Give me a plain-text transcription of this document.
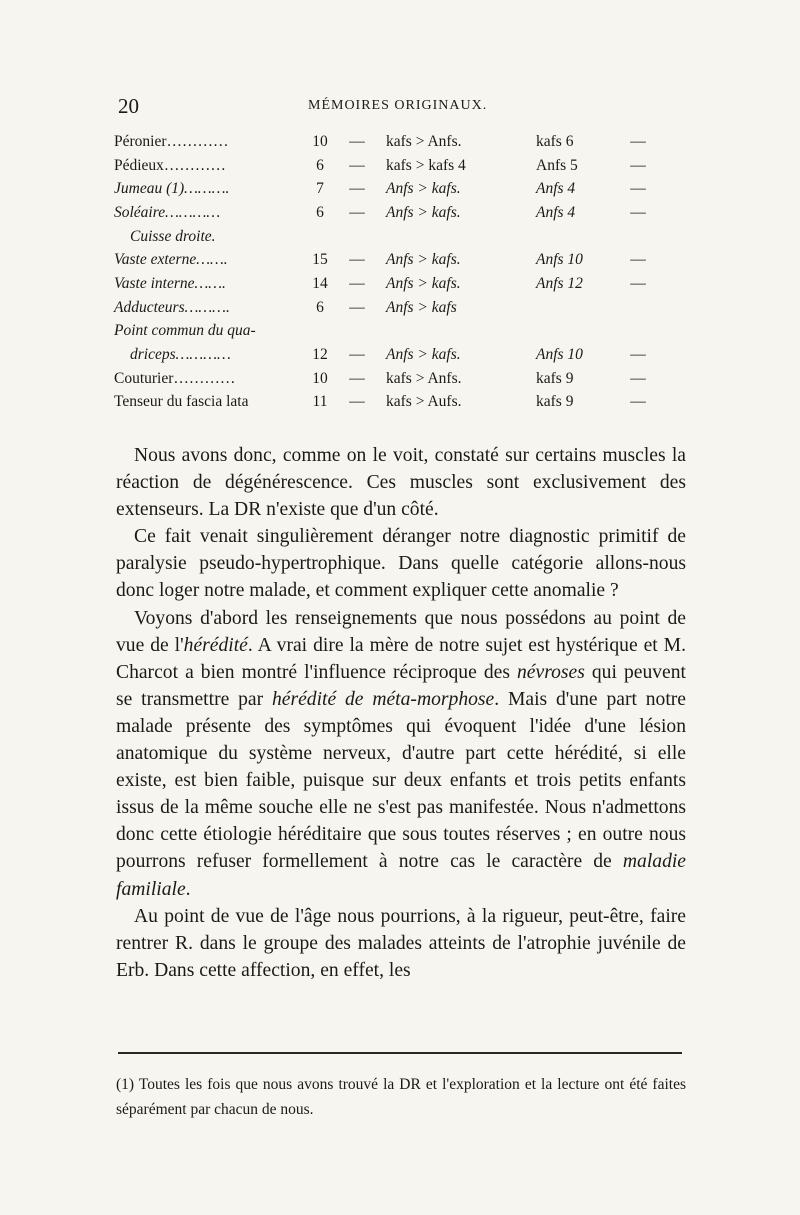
20	MÉMOIRES ORIGINAUX.
Péronier…………	10	—	kafs > Anfs.	kafs 6	—
Pédieux…………	6	—	kafs > kafs 4	Anfs 5	—
Jumeau (1)……….	7	—	Anfs > kafs.	Anfs 4	—
Soléaire…………	6	—	Anfs > kafs.	Anfs 4	—
Cuisse droite.					
Vaste externe…….	15	—	Anfs > kafs.	Anfs 10	—
Vaste interne…….	14	—	Anfs > kafs.	Anfs 12	—
Adducteurs……….	6	—	Anfs > kafs		
Point commun du qua-					
driceps…………	12	—	Anfs > kafs.	Anfs 10	—
Couturier…………	10	—	kafs > Anfs.	kafs 9	—
Tenseur du fascia lata	11	—	kafs > Aufs.	kafs 9	—

Nous avons donc, comme on le voit, constaté sur certains muscles la réaction de dégénérescence. Ces muscles sont exclusivement des extenseurs. La DR n'existe que d'un côté.

Ce fait venait singulièrement déranger notre diagnostic primitif de paralysie pseudo-hypertrophique. Dans quelle catégorie allons-nous donc loger notre malade, et comment expliquer cette anomalie ?

Voyons d'abord les renseignements que nous possédons au point de vue de l'hérédité. A vrai dire la mère de notre sujet est hystérique et M. Charcot a bien montré l'influence réciproque des névroses qui peuvent se transmettre par hérédité de méta-morphose. Mais d'une part notre malade présente des symptômes qui évoquent l'idée d'une lésion anatomique du système nerveux, d'autre part cette hérédité, si elle existe, est bien faible, puisque sur deux enfants et trois petits enfants issus de la même souche elle ne s'est pas manifestée. Nous n'admettons donc cette étiologie héréditaire que sous toutes réserves ; en outre nous pourrons refuser formellement à notre cas le caractère de maladie familiale.

Au point de vue de l'âge nous pourrions, à la rigueur, peut-être, faire rentrer R. dans le groupe des malades atteints de l'atrophie juvénile de Erb. Dans cette affection, en effet, les

(1) Toutes les fois que nous avons trouvé la DR et l'exploration et la lecture ont été faites séparément par chacun de nous.
